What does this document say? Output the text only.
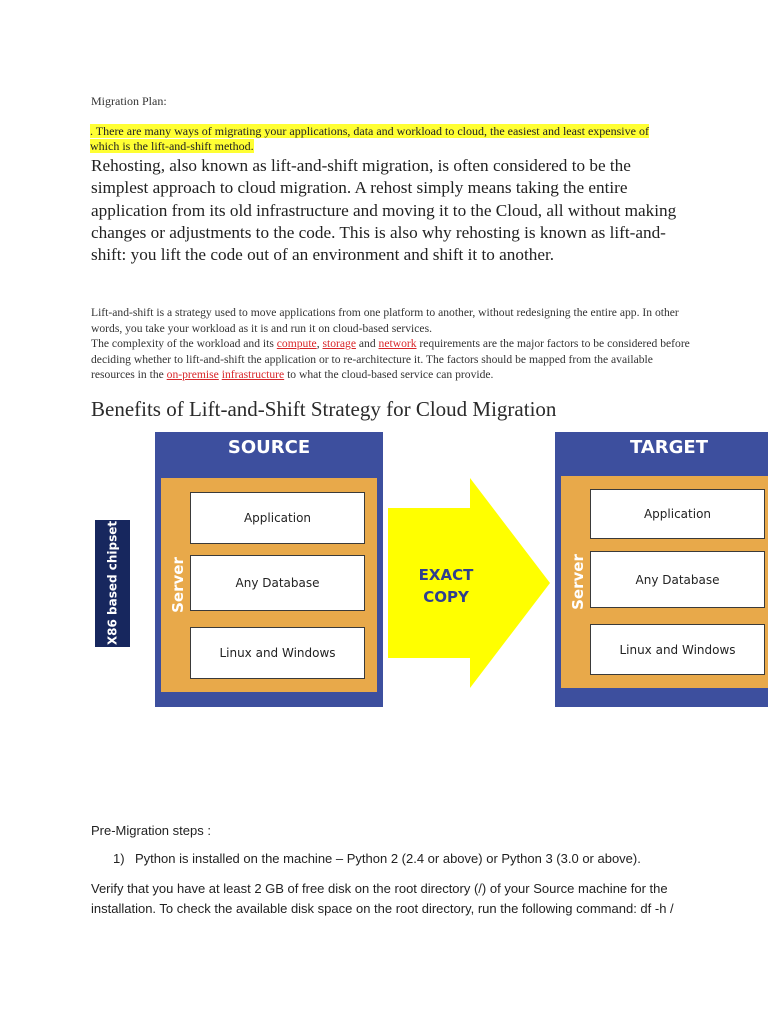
Migration Plan:
. There are many ways of migrating your applications, data and workload to cloud, the easiest and least expensive of which is the lift-and-shift method.
Rehosting, also known as lift-and-shift migration, is often considered to be the simplest approach to cloud migration. A rehost simply means taking the entire application from its old infrastructure and moving it to the Cloud, all without making changes or adjustments to the code. This is also why rehosting is known as lift-and-shift: you lift the code out of an environment and shift it to another.
Lift-and-shift is a strategy used to move applications from one platform to another, without redesigning the entire app. In other words, you take your workload as it is and run it on cloud-based services.
The complexity of the workload and its compute, storage and network requirements are the major factors to be considered before deciding whether to lift-and-shift the application or to re-architecture it. The factors should be mapped from the available resources in the on-premise infrastructure to what the cloud-based service can provide.
Benefits of Lift-and-Shift Strategy for Cloud Migration
X86 based chipset
SOURCE
Server
Application
Any Database
Linux and Windows
EXACT
COPY
TARGET
Server
Application
Any Database
Linux and Windows
Pre-Migration steps :
1) Python is installed on the machine – Python 2 (2.4 or above) or Python 3 (3.0 or above).
Verify that you have at least 2 GB of free disk on the root directory (/) of your Source machine for the installation. To check the available disk space on the root directory, run the following command: df -h /
